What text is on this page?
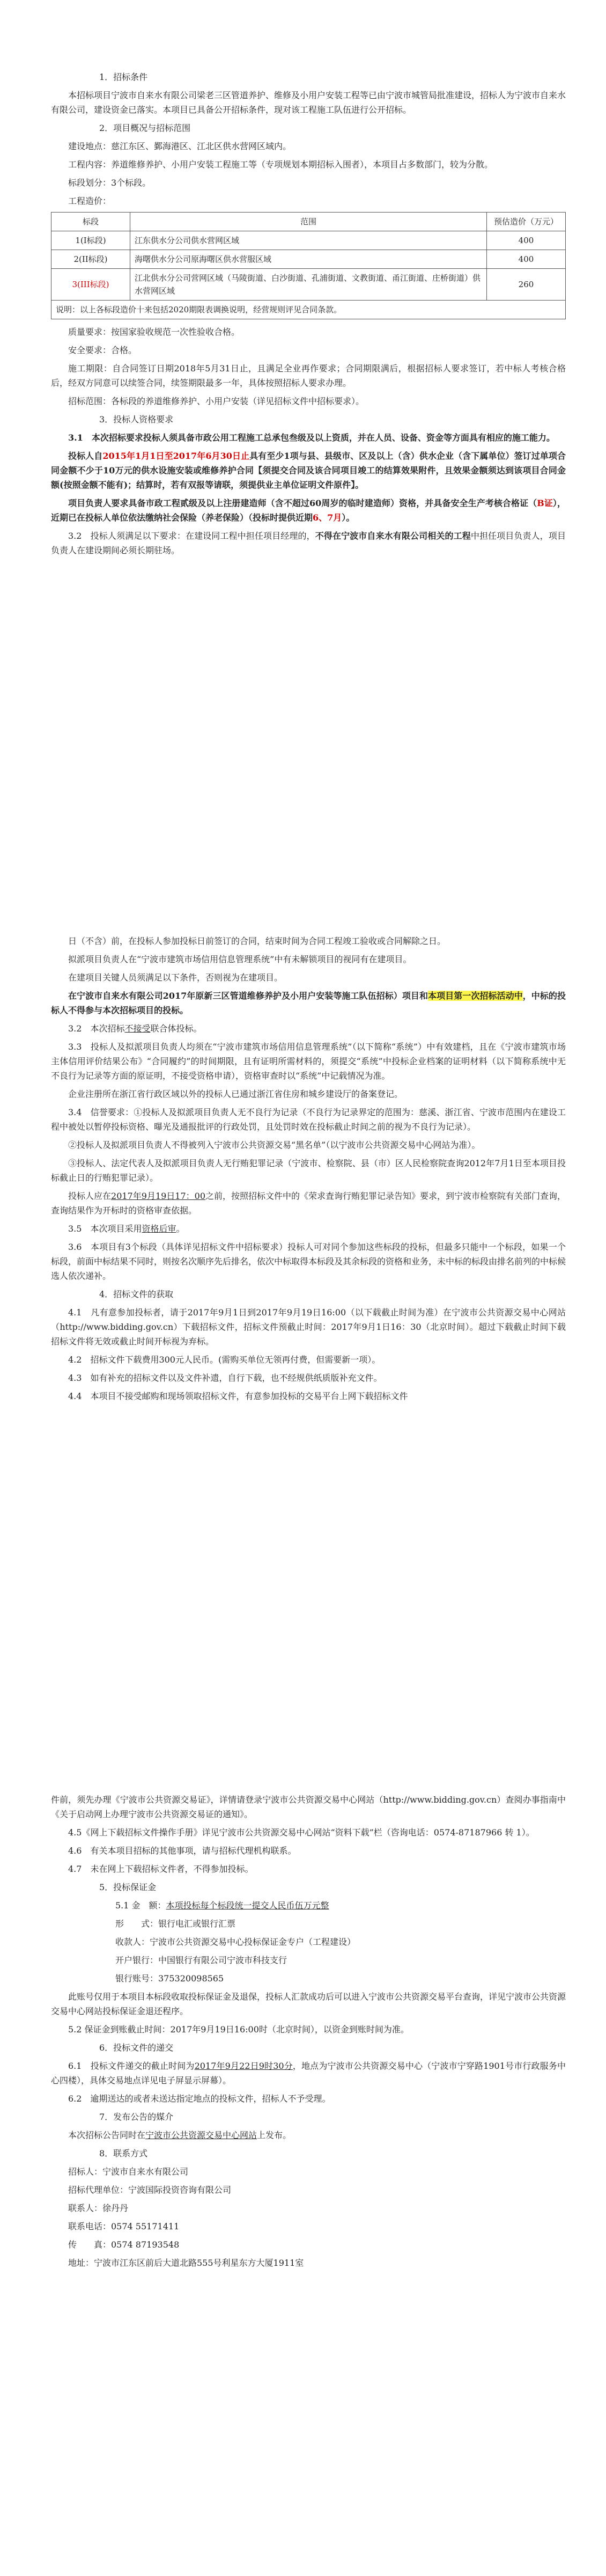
1．招标条件

本招标项目宁波市自来水有限公司梁老三区管道养护、维修及小用户安装工程等已由宁波市城管局批准建设，招标人为宁波市自来水有限公司，建设资金已落实。本项目已具备公开招标条件，现对该工程施工队伍进行公开招标。

2．项目概况与招标范围

建设地点：慈江东区、鄞海港区、江北区供水营网区域内。

工程内容：养道维修养护、小用户安装工程施工等（专项规划本期招标入围者），本项目占多数部门，较为分散。

标段划分：3个标段。

工程造价：

标段	范围	预估造价（万元）
1(I标段)	江东供水分公司供水营网区域	400
2(II标段)	海曙供水分公司原海曙区供水营服区域	400
3(III标段)	江北供水分公司营网区域（马陵街道、白沙街道、孔浦街道、文教街道、甬江街道、庄桥街道）供水营网区域	260
说明：以上各标段造价十来包括2020期限表调换说明，经营规则评见合同条款。		

质量要求：按国家验收规范一次性验收合格。

安全要求：合格。

施工期限：自合同签订日期2018年5月31日止，且满足全业再作要求；合同期限满后，根据招标人要求签订，若中标人考核合格后，经双方同意可以续签合同，续签期限最多一年，具体按照招标人要求办理。

招标范围：各标段的养道维修养护、小用户安装（详见招标文件中招标要求）。

3．投标人资格要求

3.1　本次招标要求投标人须具备市政公用工程施工总承包叁级及以上资质，并在人员、设备、资金等方面具有相应的施工能力。

投标人自2015年1月1日至2017年6月30日止具有至少1项与县、县级市、区及以上（含）供水企业（含下属单位）签订过单项合同金额不少于10万元的供水设施安装或维修养护合同【须提交合同及该合同项目竣工的结算效果附件，且效果金额须达到该项目合同金额(按照金额不能有)；结算时，若有双报等请联，须提供业主单位证明文件原件】。

项目负责人要求具备市政工程贰级及以上注册建造师（含不超过60周岁的临时建造师）资格，并具备安全生产考核合格证（B证），近期已在投标人单位依法缴纳社会保险（养老保险）（投标时提供近期6、7月）。

3.2　投标人须满足以下要求：在建设同工程中担任项目经理的，不得在宁波市自来水有限公司相关的工程中担任项目负责人，项目负责人在建设期间必须长期驻场。

日（不含）前，在投标人参加投标日前签订的合同，结束时间为合同工程竣工验收或合同解除之日。

拟派项目负责人在“宁波市建筑市场信用信息管理系统”中有未解锁项目的视同有在建项目。

在建项目关键人员须满足以下条件，否则视为在建项目。

在宁波市自来水有限公司2017年原新三区管道维修养护及小用户安装等施工队伍招标）项目和本项目第一次招标活动中，中标的投标人不得参与本次招标项目的投标。

3.2　本次招标不接受联合体投标。

3.3　投标人及拟派项目负责人均须在“宁波市建筑市场信用信息管理系统”（以下简称“系统”）中有效建档，且在《宁波市建筑市场主体信用评价结果公布》“合同履约”的时间期限，且有证明所需材料的，须提交“系统”中投标企业档案的证明材料（以下简称系统中无不良行为记录等方面的原证明，不接受资格申请），资格审查时以“系统”中记载情况为准。

企业注册所在浙江省行政区域以外的投标人已通过浙江省住房和城乡建设厅的备案登记。

3.4　信誉要求：①投标人及拟派项目负责人无不良行为记录（不良行为记录界定的范围为：慈溪、浙江省、宁波市范围内在建设工程中被处以暂停投标资格、曝光及通报批评的行政处罚，且处罚时效在投标截止时间之前的视为不良行为记录）。

②投标人及拟派项目负责人不得被列入宁波市公共资源交易“黑名单”（以宁波市公共资源交易中心网站为准）。

③投标人、法定代表人及拟派项目负责人无行贿犯罪记录（宁波市、检察院、县（市）区人民检察院查询2012年7月1日至本项目投标截止日的行贿犯罪记录）。

投标人应在2017年9月19日17：00之前，按照招标文件中的《荣求査询行贿犯罪记录告知》要求，到宁波市检察院有关部门查询，查询结果作为开标时的资格审查依据。

3.5　本次项目采用资格后审。

3.6　本项目有3个标段（具体详见招标文件中招标要求）投标人可对同个参加这些标段的投标，但最多只能中一个标段，如果一个标段，前面中标结果不同时，则按名次顺序先后排名，依次中标取得本标段及其余标段的资格和业务，未中标的标段由排名前列的中标候选人依次递补。

4．招标文件的获取

4.1　凡有意参加投标者，请于2017年9月1日到2017年9月19日16:00（以下载截止时间为准）在宁波市公共资源交易中心网站（http://www.bidding.gov.cn）下载招标文件，招标文件预截止时间：2017年9月1日16：30（北京时间）。超过下载截止时间下载招标文件将无效或截止时间开标视为弃标。

4.2　招标文件下载费用300元人民币。(需购买单位无领再付费，但需要新一项）。

4.3　如有补充的招标文件以及文件补遗，自行下载，也不经规供纸质版补充文件。

4.4　本项目不接受邮购和现场领取招标文件，有意参加投标的交易平台上网下载招标文件

件前，须先办理《宁波市公共资源交易证》，详情请登录宁波市公共资源交易中心网站（http://www.bidding.gov.cn）查阅办事指南中《关于启动网上办理宁波市公共资源交易证的通知》。

4.5《网上下载招标文件操作手册》详见宁波市公共资源交易中心网站“资料下载”栏（咨询电话：0574-87187966 转 1）。

4.6　有关本项目招标的其他事项，请与招标代理机构联系。

4.7　未在网上下载招标文件者，不得参加投标。

5．投标保证金

5.1 金　额：本项投标每个标段统一提交人民币伍万元整

形　　式：银行电汇或银行汇票

收款人：宁波市公共资源交易中心投标保证金专户（工程建设）

开户银行：中国银行有限公司宁波市科技支行

银行账号：375320098565

此账号仅用于本项目本标段收取投标保证金及退保，投标人汇款成功后可以进入宁波市公共资源交易平台查询，详见宁波市公共资源交易中心网站投标保证金退还程序。

5.2 保证金到账截止时间：2017年9月19日16:00时（北京时间），以资金到账时间为准。

6．投标文件的递交

6.1　投标文件递交的截止时间为2017年9月22日9时30分，地点为宁波市公共资源交易中心（宁波市宁穿路1901号市行政服务中心四楼），具体交易地点详见电子屏显示屏幕）。

6.2　逾期送达的或者未送达指定地点的投标文件，招标人不予受理。

7．发布公告的媒介

本次招标公告同时在宁波市公共资源交易中心网站上发布。

8．联系方式

招标人：宁波市自来水有限公司

招标代理单位：宁波国际投资咨询有限公司

联系人：徐丹丹

联系电话：0574 55171411

传　　真：0574 87193548

地址：宁波市江东区前后大道北路555号利星东方大厦1911室
